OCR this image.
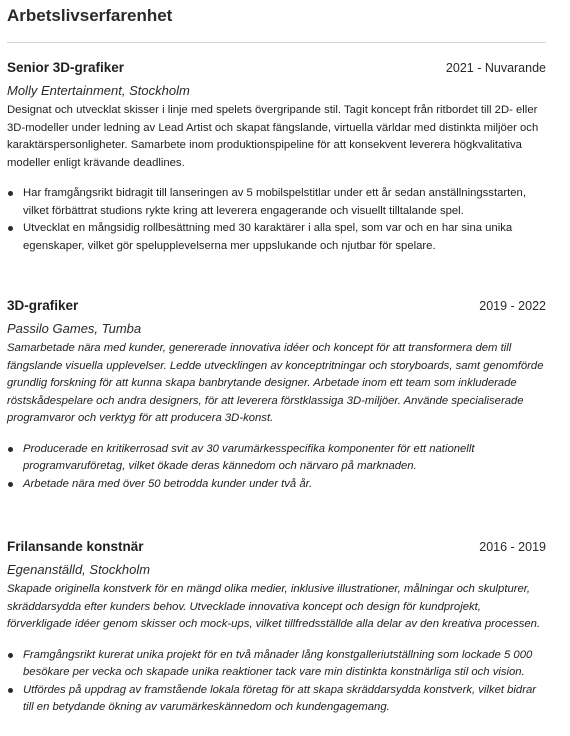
Arbetslivserfarenhet
Senior 3D-grafiker	2021 - Nuvarande
Molly Entertainment, Stockholm
Designat och utvecklat skisser i linje med spelets övergripande stil. Tagit koncept från ritbordet till 2D- eller 3D-modeller under ledning av Lead Artist och skapat fängslande, virtuella världar med distinkta miljöer och karaktärspersonligheter. Samarbete inom produktionspipeline för att konsekvent leverera högkvalitativa modeller enligt krävande deadlines.
Har framgångsrikt bidragit till lanseringen av 5 mobilspelstitlar under ett år sedan anställningsstarten, vilket förbättrat studions rykte kring att leverera engagerande och visuellt tilltalande spel.
Utvecklat en mångsidig rollbesättning med 30 karaktärer i alla spel, som var och en har sina unika egenskaper, vilket gör spelupplevelserna mer uppslukande och njutbar för spelare.
3D-grafiker	2019 - 2022
Passilo Games, Tumba
Samarbetade nära med kunder, genererade innovativa idéer och koncept för att transformera dem till fängslande visuella upplevelser. Ledde utvecklingen av konceptritningar och storyboards, samt genomförde grundlig forskning för att kunna skapa banbrytande designer. Arbetade inom ett team som inkluderade röstskådespelare och andra designers, för att leverera förstklassiga 3D-miljöer. Använde specialiserade programvaror och verktyg för att producera 3D-konst.
Producerade en kritikerrosad svit av 30 varumärkesspecifika komponenter för ett nationellt programvaruföretag, vilket ökade deras kännedom och närvaro på marknaden.
Arbetade nära med över 50 betrodda kunder under två år.
Frilansande konstnär	2016 - 2019
Egenanställd, Stockholm
Skapade originella konstverk för en mängd olika medier, inklusive illustrationer, målningar och skulpturer, skräddarsydda efter kunders behov. Utvecklade innovativa koncept och design för kundprojekt, förverkligade idéer genom skisser och mock-ups, vilket tillfredsställde alla delar av den kreativa processen.
Framgångsrikt kurerat unika projekt för en två månader lång konstgalleriutställning som lockade 5 000 besökare per vecka och skapade unika reaktioner tack vare min distinkta konstnärliga stil och vision.
Utfördes på uppdrag av framstående lokala företag för att skapa skräddarsydda konstverk, vilket bidrar till en betydande ökning av varumärkeskännedom och kundengagemang.
